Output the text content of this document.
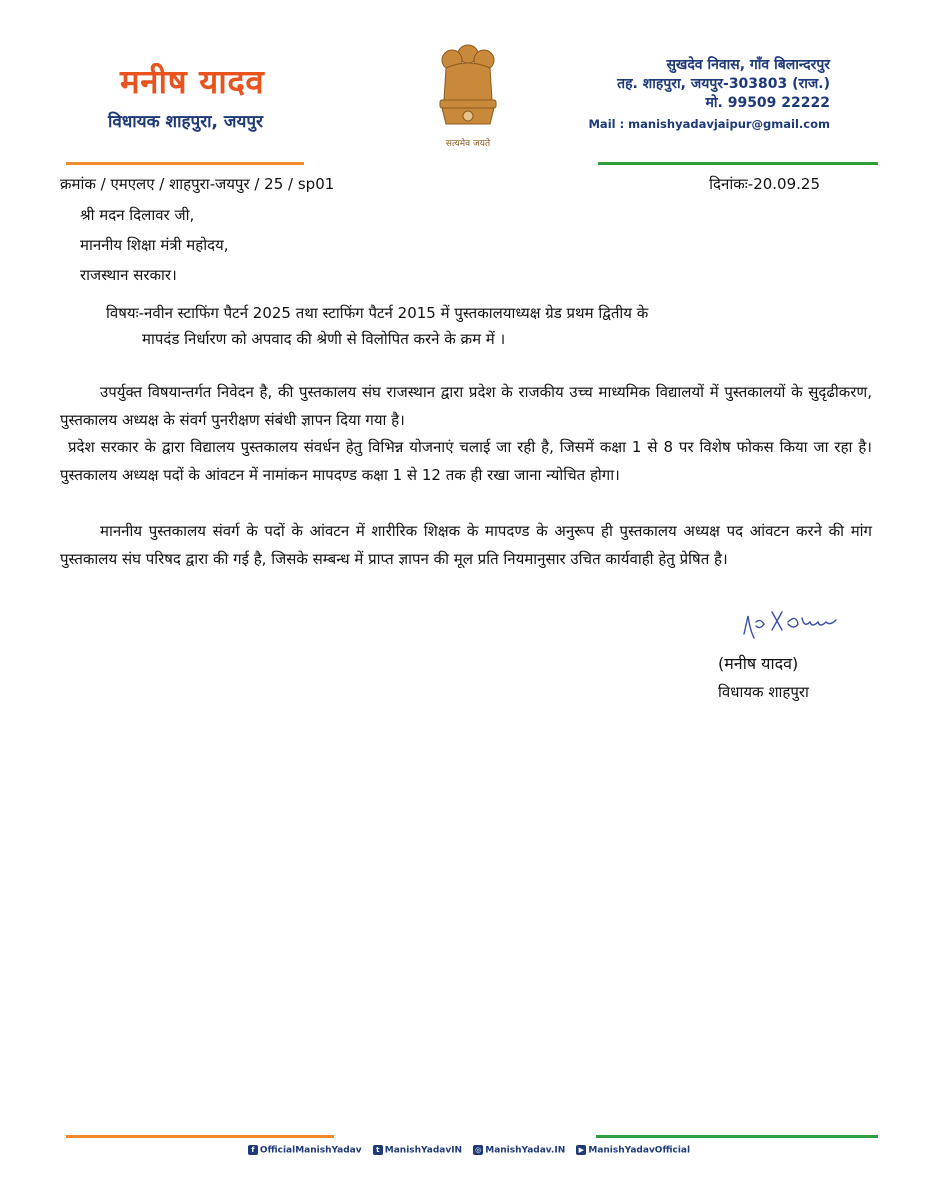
मनीष यादव
विधायक शाहपुरा, जयपुर
सत्यमेव जयते
सुखदेव निवास, गाँव बिलान्दरपुर
तह. शाहपुरा, जयपुर-303803 (राज.)
मो. 99509 22222
Mail : manishyadavjaipur@gmail.com
क्रमांक / एमएलए / शाहपुरा-जयपुर / 25 / sp01	दिनांकः-20.09.25
श्री मदन दिलावर जी,
माननीय शिक्षा मंत्री महोदय,
राजस्थान सरकार।
विषयः-नवीन स्टाफिंग पैटर्न 2025 तथा स्टाफिंग पैटर्न 2015 में पुस्तकालयाध्यक्ष ग्रेड प्रथम द्वितीय के
मापदंड निर्धारण को अपवाद की श्रेणी से विलोपित करने के क्रम में ।
उपर्युक्त विषयान्तर्गत निवेदन है, की पुस्तकालय संघ राजस्थान द्वारा प्रदेश के राजकीय उच्च माध्यमिक विद्यालयों में पुस्तकालयों के सुदृढीकरण, पुस्तकालय अध्यक्ष के संवर्ग पुनरीक्षण संबंधी ज्ञापन दिया गया है।
प्रदेश सरकार के द्वारा विद्यालय पुस्तकालय संवर्धन हेतु विभिन्न योजनाएं चलाई जा रही है, जिसमें कक्षा 1 से 8 पर विशेष फोकस किया जा रहा है। पुस्तकालय अध्यक्ष पदों के आंवटन में नामांकन मापदण्ड कक्षा 1 से 12 तक ही रखा जाना न्योचित होगा।
माननीय पुस्तकालय संवर्ग के पदों के आंवटन में शारीरिक शिक्षक के मापदण्ड के अनुरूप ही पुस्तकालय अध्यक्ष पद आंवटन करने की मांग पुस्तकालय संघ परिषद द्वारा की गई है, जिसके सम्बन्ध में प्राप्त ज्ञापन की मूल प्रति नियमानुसार उचित कार्यवाही हेतु प्रेषित है।
(मनीष यादव)
विधायक शाहपुरा
f OfficialManishYadav t ManishYadavIN ◎ ManishYadav.IN ▶ ManishYadavOfficial
